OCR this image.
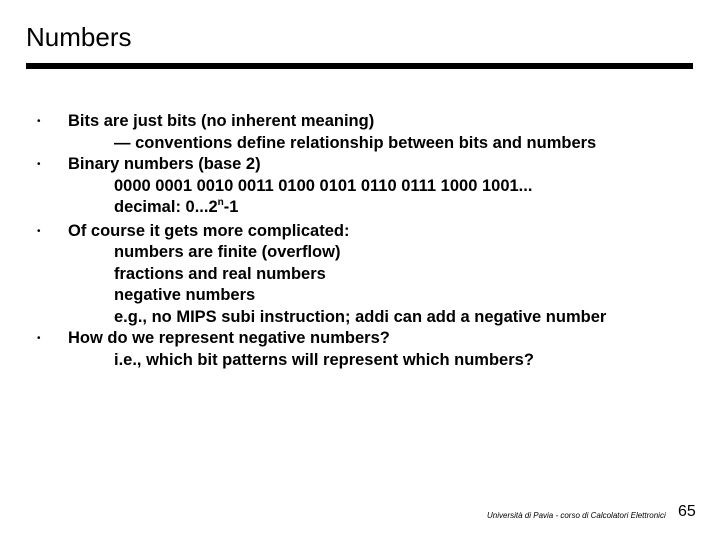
Numbers
•	Bits are just bits (no inherent meaning)
— conventions define relationship between bits and numbers
•	Binary numbers (base 2)
0000 0001 0010 0011 0100 0101 0110 0111 1000 1001...
decimal: 0...2$^n$-1
•	Of course it gets more complicated:
numbers are finite (overflow)
fractions and real numbers
negative numbers
e.g., no MIPS subi instruction; addi can add a negative number
•	How do we represent negative numbers?
i.e., which bit patterns will represent which numbers?
Università di Pavia - corso di Calcolatori Elettronici 65
